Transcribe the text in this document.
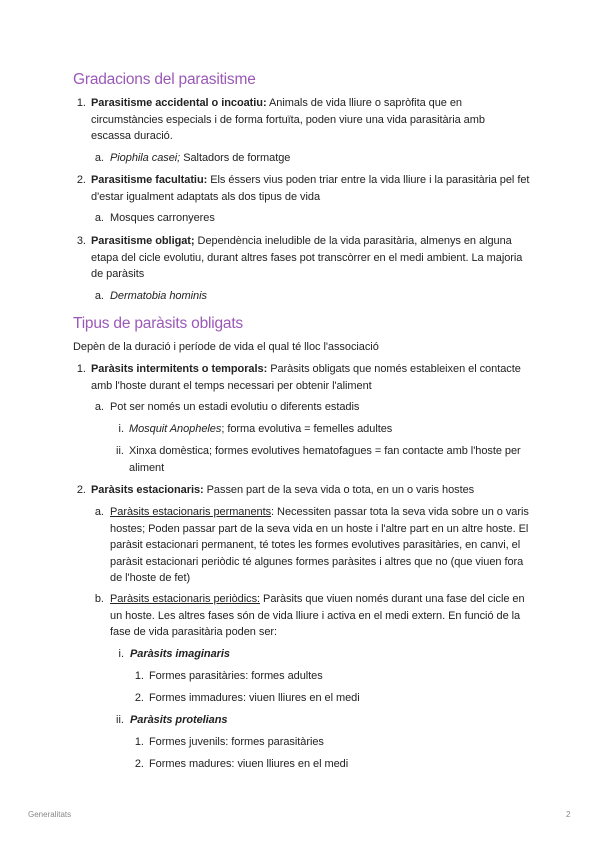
Gradacions del parasitisme
1. Parasitisme accidental o incoatiu: Animals de vida lliure o sapròfita que en circumstàncies especials i de forma fortuïta, poden viure una vida parasitària amb escassa duració.

a. Piophila casei; Saltadors de formatge

2. Parasitisme facultatiu: Els éssers vius poden triar entre la vida lliure i la parasitària pel fet d'estar igualment adaptats als dos tipus de vida

a. Mosques carronyeres

3. Parasitisme obligat; Dependència ineludible de la vida parasitària, almenys en alguna etapa del cicle evolutiu, durant altres fases pot transcòrrer en el medi ambient. La majoria de paràsits

a. Dermatobia hominis

Tipus de paràsits obligats

Depèn de la duració i període de vida el qual té lloc l'associació

1. Paràsits intermitents o temporals: Paràsits obligats que només estableixen el contacte amb l'hoste durant el temps necessari per obtenir l'aliment

a. Pot ser només un estadi evolutiu o diferents estadis

i. Mosquit Anopheles; forma evolutiva = femelles adultes

ii. Xinxa domèstica; formes evolutives hematofagues = fan contacte amb l'hoste per aliment

2. Paràsits estacionaris: Passen part de la seva vida o tota, en un o varis hostes

a. Paràsits estacionaris permanents: Necessiten passar tota la seva vida sobre un o varis hostes; Poden passar part de la seva vida en un hoste i l'altre part en un altre hoste. El paràsit estacionari permanent, té totes les formes evolutives parasitàries, en canvi, el paràsit estacionari periòdic té algunes formes paràsites i altres que no (que viuen fora de l'hoste de fet)

b. Paràsits estacionaris periòdics: Paràsits que viuen només durant una fase del cicle en un hoste. Les altres fases són de vida lliure i activa en el medi extern. En funció de la fase de vida parasitària poden ser:

i. Paràsits imaginaris

1. Formes parasitàries: formes adultes

2. Formes immadures: viuen lliures en el medi

ii. Paràsits protelians

1. Formes juvenils: formes parasitàries

2. Formes madures: viuen lliures en el medi

Generalitats	2
